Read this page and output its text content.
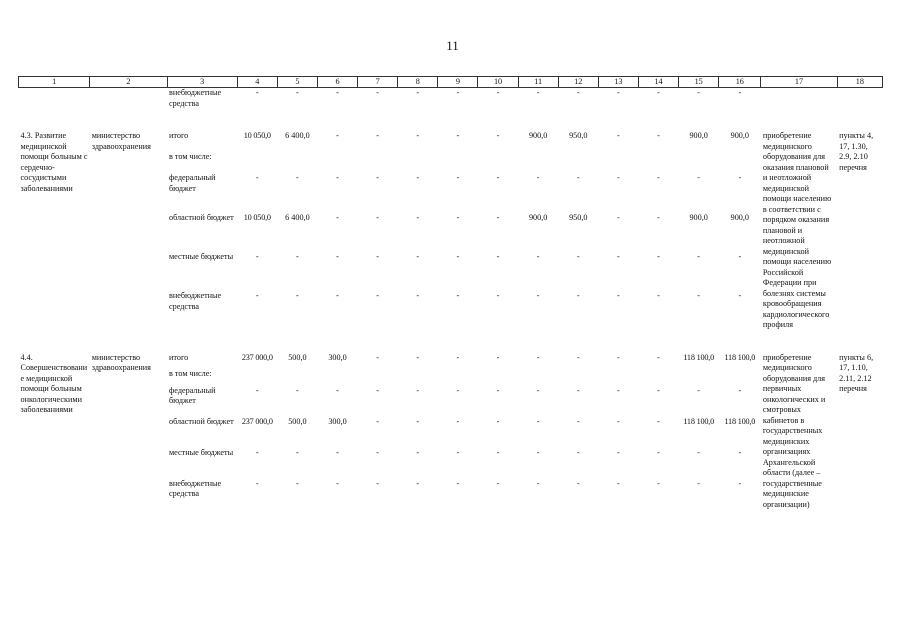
11
1	2	3	4	5	6	7	8	9	10	11	12	13	14	15	16	17	18
		внебюджетные средства	-	-	-	-	-	-	-	-	-	-	-	-	-		

4.3. Развитие медицинской помощи больным с сердечно-сосудистыми заболеваниями	министерство здравоохранения	итого	10 050,0	6 400,0	-	-	-	-	-	900,0	950,0	-	-	900,0	900,0	приобретение медицинского оборудования для оказания плановой и неотложной медицинской помощи населению в соответствии с порядком оказания плановой и неотложной медицинской помощи населению Российской Федерации при болезнях системы кровообращения кардиологического профиля	пункты 4, 17, 1.30, 2.9, 2.10 перечня
		в том числе:															
		федеральный бюджет	-	-	-	-	-	-	-	-	-	-	-	-	-		
		областной бюджет	10 050,0	6 400,0	-	-	-	-	-	900,0	950,0	-	-	900,0	900,0		
		местные бюджеты	-	-	-	-	-	-	-	-	-	-	-	-	-		
		внебюджетные средства	-	-	-	-	-	-	-	-	-	-	-	-	-		

4.4. Совершенствование медицинской помощи больным онкологическими заболеваниями	министерство здравоохранения	итого	237 000,0	500,0	300,0	-	-	-	-	-	-	-	-	118 100,0	118 100,0	приобретение медицинского оборудования для первичных онкологических и смотровых кабинетов в государственных медицинских организациях Архангельской области (далее – государственные медицинские организации)	пункты 6, 17, 1.10, 2.11, 2.12 перечня
		в том числе:															
		федеральный бюджет	-	-	-	-	-	-	-	-	-	-	-	-	-		
		областной бюджет	237 000,0	500,0	300,0	-	-	-	-	-	-	-	-	118 100,0	118 100,0		
		местные бюджеты	-	-	-	-	-	-	-	-	-	-	-	-	-		
		внебюджетные средства	-	-	-	-	-	-	-	-	-	-	-	-	-		
